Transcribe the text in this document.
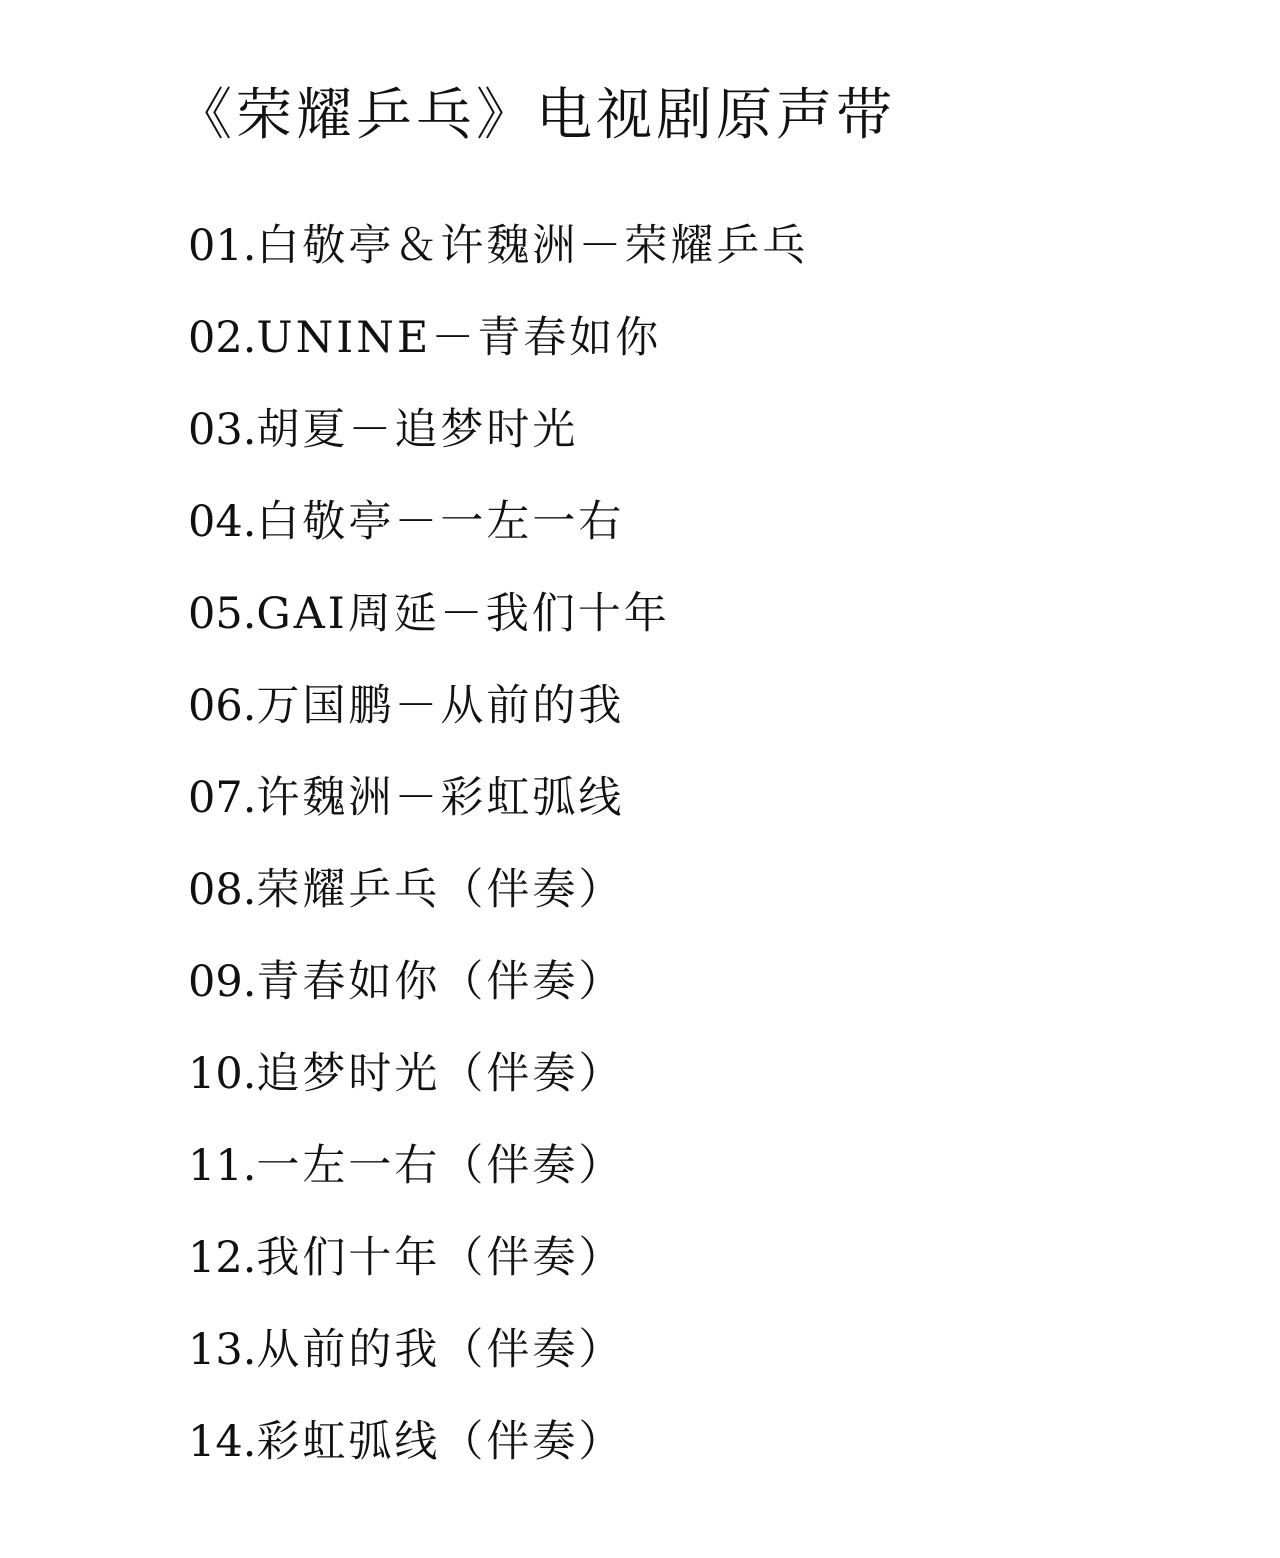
《荣耀乒乓》电视剧原声带
01.白敬亭＆许魏洲－荣耀乒乓
02.UNINE－青春如你
03.胡夏－追梦时光
04.白敬亭－一左一右
05.GAI周延－我们十年
06.万国鹏－从前的我
07.许魏洲－彩虹弧线
08.荣耀乒乓（伴奏）
09.青春如你（伴奏）
10.追梦时光（伴奏）
11.一左一右（伴奏）
12.我们十年（伴奏）
13.从前的我（伴奏）
14.彩虹弧线（伴奏）
